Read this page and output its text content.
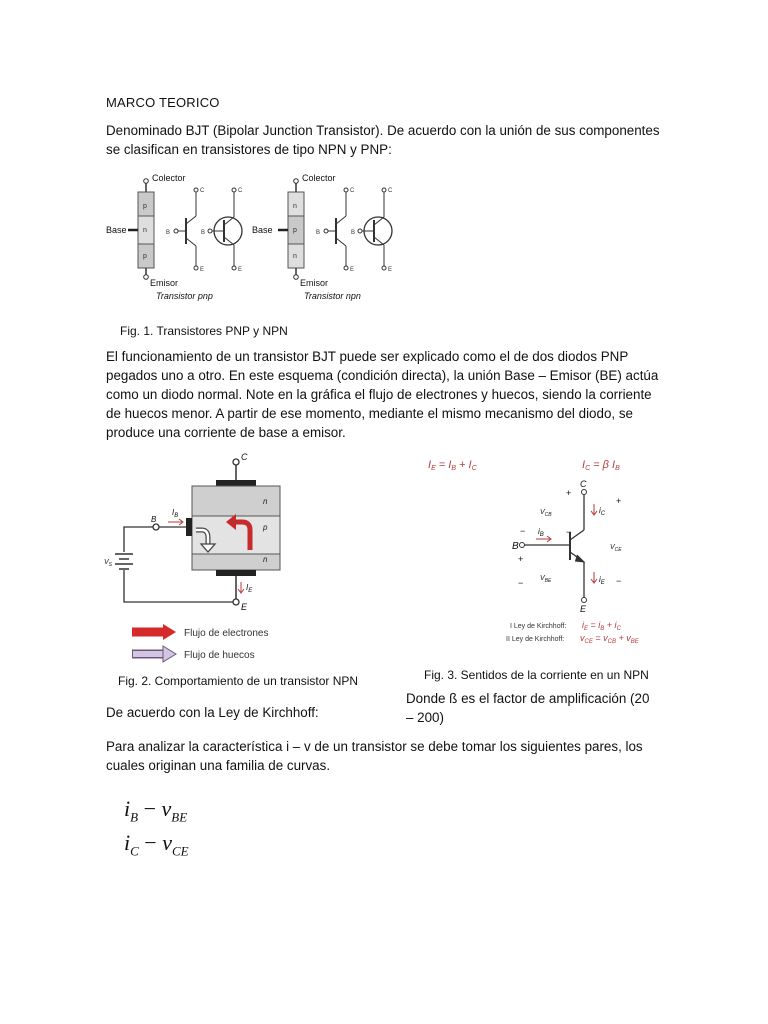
MARCO TEORICO
Denominado BJT (Bipolar Junction Transistor). De acuerdo con la unión de sus componentes se clasifican en transistores de tipo NPN y PNP:
Colector
p
n
p
Base
Emisor
Transistor pnp
C
E
B
C
E
B
Colector
n
p
n
Base
Emisor
Transistor npn
C
E
B
C
E
B
Fig. 1. Transistores PNP y NPN
El funcionamiento de un transistor BJT puede ser explicado como el de dos diodos PNP pegados uno a otro. En este esquema (condición directa), la unión Base – Emisor (BE) actúa como un diodo normal. Note en la gráfica el flujo de electrones y huecos, siendo la corriente de huecos menor. A partir de ese momento, mediante el mismo mecanismo del diodo, se produce una corriente de base a emisor.
C
n
p
n
E
$I_E$
B
$I_B$
$V_S$
Flujo de electrones
Flujo de huecos
Fig. 2. Comportamiento de un transistor NPN
IE = IB + IC	IC = β IB
C
E
B
$i_C$
$i_B$
$i_E$
+
−
$V_{CB}$
+
$V_{CE}$
−
−
+
$V_{BE}$
−
I Ley de Kirchhoff: $i_E = i_B + i_C$
II Ley de Kirchhoff: $v_{CE} = v_{CB} + v_{BE}$
Fig. 3. Sentidos de la corriente en un NPN
Donde ß es el factor de amplificación (20 – 200)
De acuerdo con la Ley de Kirchhoff:
Para analizar la característica i – v de un transistor se debe tomar los siguientes pares, los cuales originan una familia de curvas.
$i_B - v_{BE}$
$i_C - v_{CE}$
